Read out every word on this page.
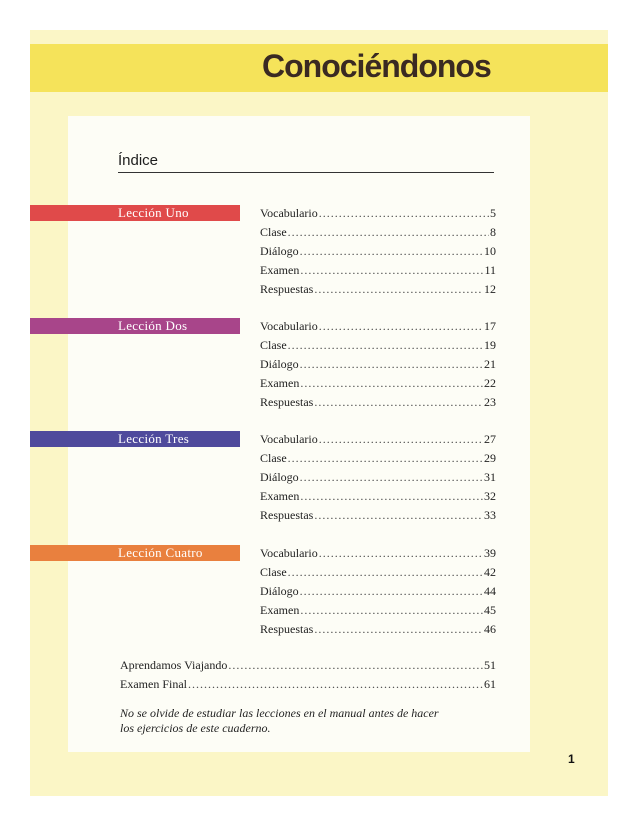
Conociéndonos
Índice
Lección Uno
Lección Dos
Lección Tres
Lección Cuatro
Vocabulario .....	5
Clase .....	8
Diálogo .....	10
Examen .....	11
Respuestas .....	12
Vocabulario .....	17
Clase .....	19
Diálogo .....	21
Examen .....	22
Respuestas .....	23
Vocabulario .....	27
Clase .....	29
Diálogo .....	31
Examen .....	32
Respuestas .....	33
Vocabulario .....	39
Clase .....	42
Diálogo .....	44
Examen .....	45
Respuestas .....	46
Aprendamos Viajando .....	51
Examen Final .....	61
No se olvide de estudiar las lecciones en el manual antes de hacer los ejercicios de este cuaderno.
1
